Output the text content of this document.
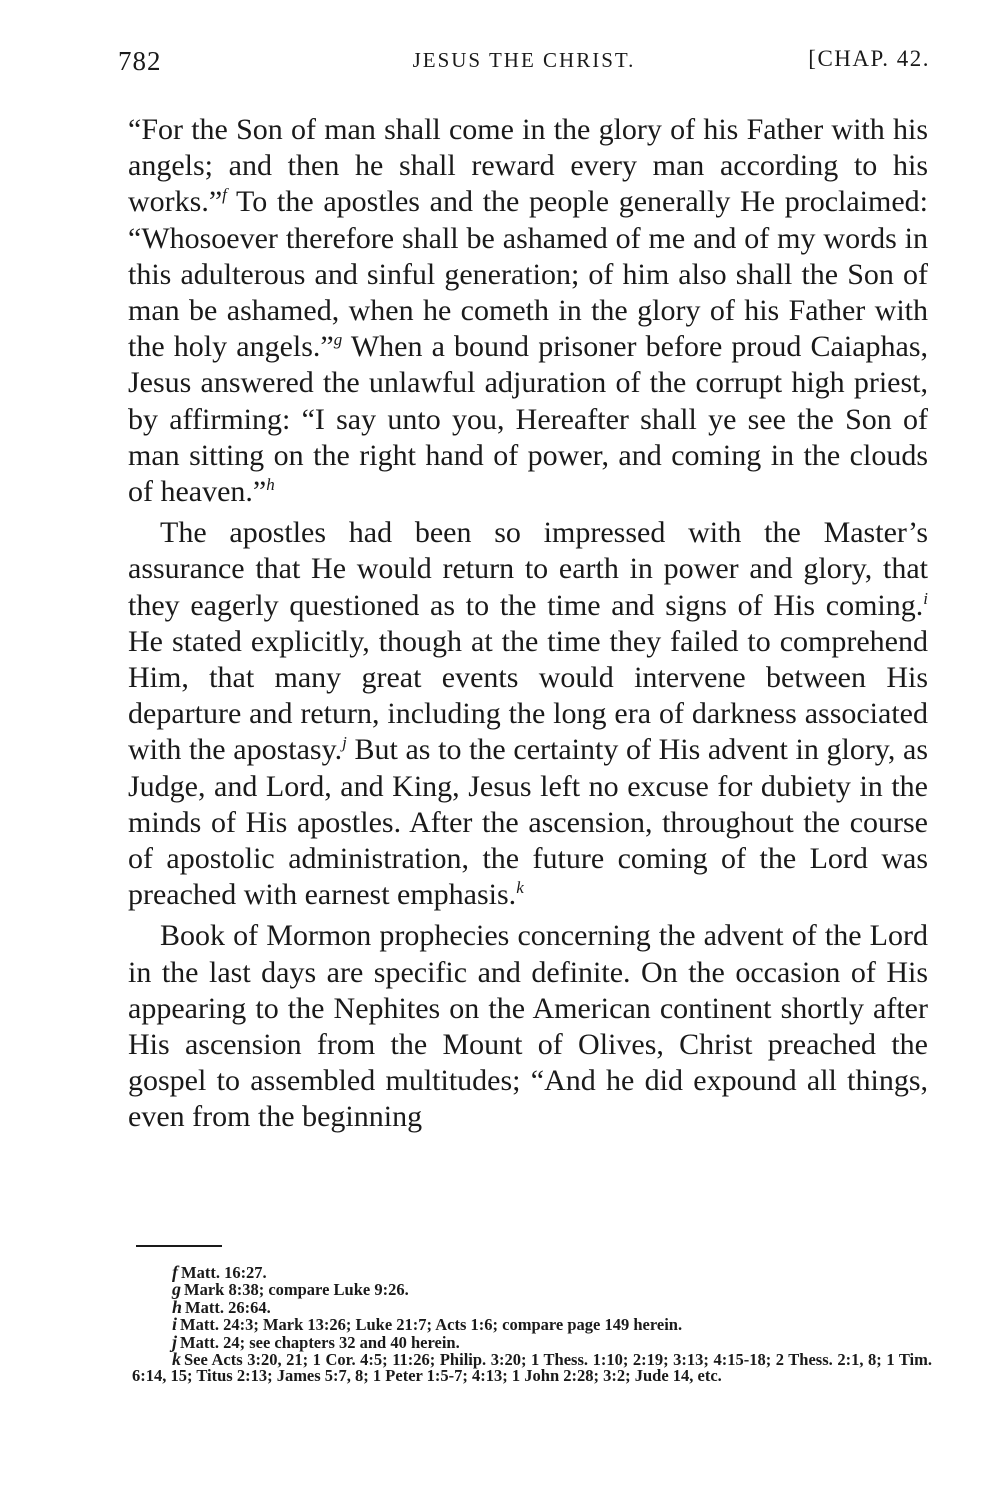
782	JESUS THE CHRIST.	[CHAP. 42.

“For the Son of man shall come in the glory of his Father with his angels; and then he shall reward every man according to his works.”$^f$ To the apostles and the people generally He proclaimed: “Whosoever therefore shall be ashamed of me and of my words in this adulterous and sinful generation; of him also shall the Son of man be ashamed, when he cometh in the glory of his Father with the holy angels.”$^g$ When a bound prisoner before proud Caiaphas, Jesus answered the unlawful adjuration of the corrupt high priest, by affirming: “I say unto you, Hereafter shall ye see the Son of man sitting on the right hand of power, and coming in the clouds of heaven.”$^h$

The apostles had been so impressed with the Master’s assurance that He would return to earth in power and glory, that they eagerly questioned as to the time and signs of His coming.$^i$ He stated explicitly, though at the time they failed to comprehend Him, that many great events would intervene between His departure and return, including the long era of darkness associated with the apostasy.$^j$ But as to the certainty of His advent in glory, as Judge, and Lord, and King, Jesus left no excuse for dubiety in the minds of His apostles. After the ascension, throughout the course of apostolic administration, the future coming of the Lord was preached with earnest emphasis.$^k$

Book of Mormon prophecies concerning the advent of the Lord in the last days are specific and definite. On the occasion of His appearing to the Nephites on the American continent shortly after His ascension from the Mount of Olives, Christ preached the gospel to assembled multitudes; “And he did expound all things, even from the beginning

f Matt. 16:27.
g Mark 8:38; compare Luke 9:26.
h Matt. 26:64.
i Matt. 24:3; Mark 13:26; Luke 21:7; Acts 1:6; compare page 149 herein.
j Matt. 24; see chapters 32 and 40 herein.
k See Acts 3:20, 21; 1 Cor. 4:5; 11:26; Philip. 3:20; 1 Thess. 1:10; 2:19; 3:13; 4:15-18; 2 Thess. 2:1, 8; 1 Tim. 6:14, 15; Titus 2:13; James 5:7, 8; 1 Peter 1:5-7; 4:13; 1 John 2:28; 3:2; Jude 14, etc.
